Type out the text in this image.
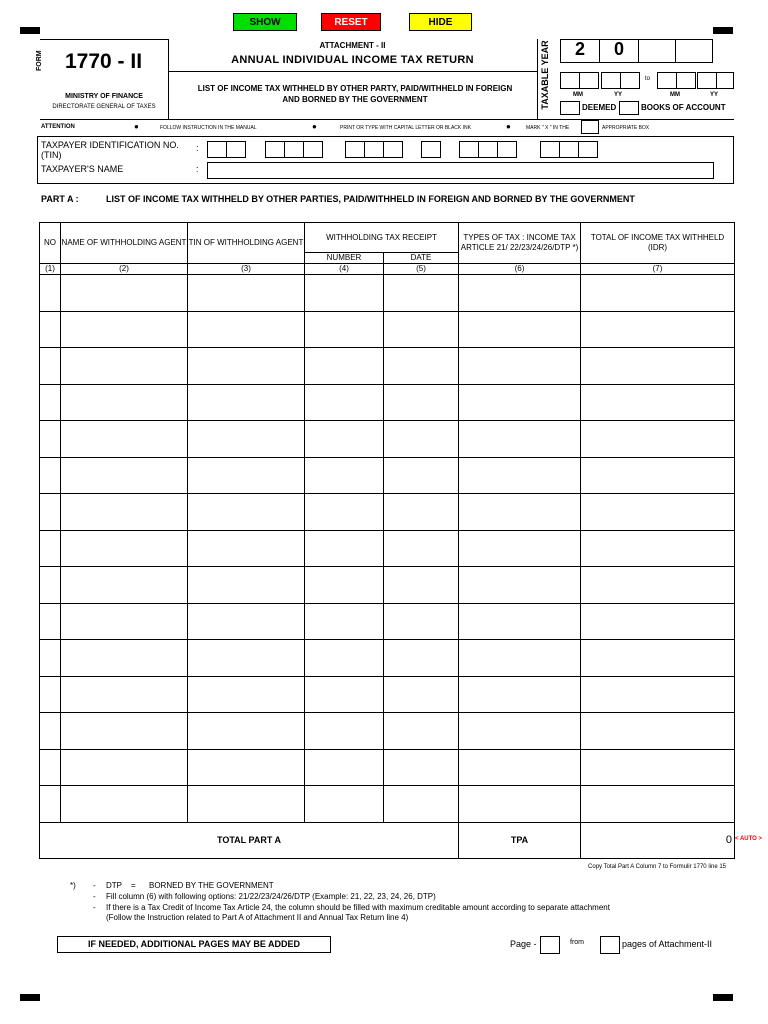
SHOW	RESET	HIDE
FORM	1770 - II
MINISTRY OF FINANCE
DIRECTORATE GENERAL OF TAXES
ATTACHMENT - II
ANNUAL INDIVIDUAL INCOME TAX RETURN
LIST OF INCOME TAX WITHHELD BY OTHER PARTY, PAID/WITHHELD IN FOREIGN AND BORNED BY THE GOVERNMENT	TAXABLE YEAR	2	0
to
MM	YY	MM	YY
DEEMED	BOOKS OF ACCOUNT
ATTENTION	●	FOLLOW INSTRUCTION IN THE MANUAL	●	PRINT OR TYPE WITH CAPITAL LETTER OR BLACK INK	●	MARK " X " IN THE	APPROPRIATE BOX
TAXPAYER IDENTIFICATION NO. (TIN)
:
TAXPAYER'S NAME	:
PART A :	LIST OF INCOME TAX WITHHELD BY OTHER PARTIES, PAID/WITHHELD IN FOREIGN AND BORNED BY THE GOVERNMENT
NO	NAME OF WITHHOLDING AGENT	TIN OF WITHHOLDING AGENT	WITHHOLDING TAX RECEIPT		TYPES OF TAX : INCOME TAX ARTICLE 21/ 22/23/24/26/DTP *)	TOTAL OF INCOME TAX WITHHELD (IDR)
			NUMBER	DATE		
(1)	(2)	(3)	(4)	(5)	(6)	(7)

TOTAL PART A					TPA	0 < AUTO >
Copy Total Part A Column 7 to Formulir 1770 line 15
*) - DTP = BORNED BY THE GOVERNMENT
- Fill column (6) with following options: 21/22/23/24/26/DTP (Example: 21, 22, 23, 24, 26, DTP)
- If there is a Tax Credit of Income Tax Article 24, the column should be filled with maximum creditable amount according to separate attachment
(Follow the Instruction related to Part A of Attachment II and Annual Tax Return line 4)
IF NEEDED, ADDITIONAL PAGES MAY BE ADDED	Page -	from	pages of Attachment-II
